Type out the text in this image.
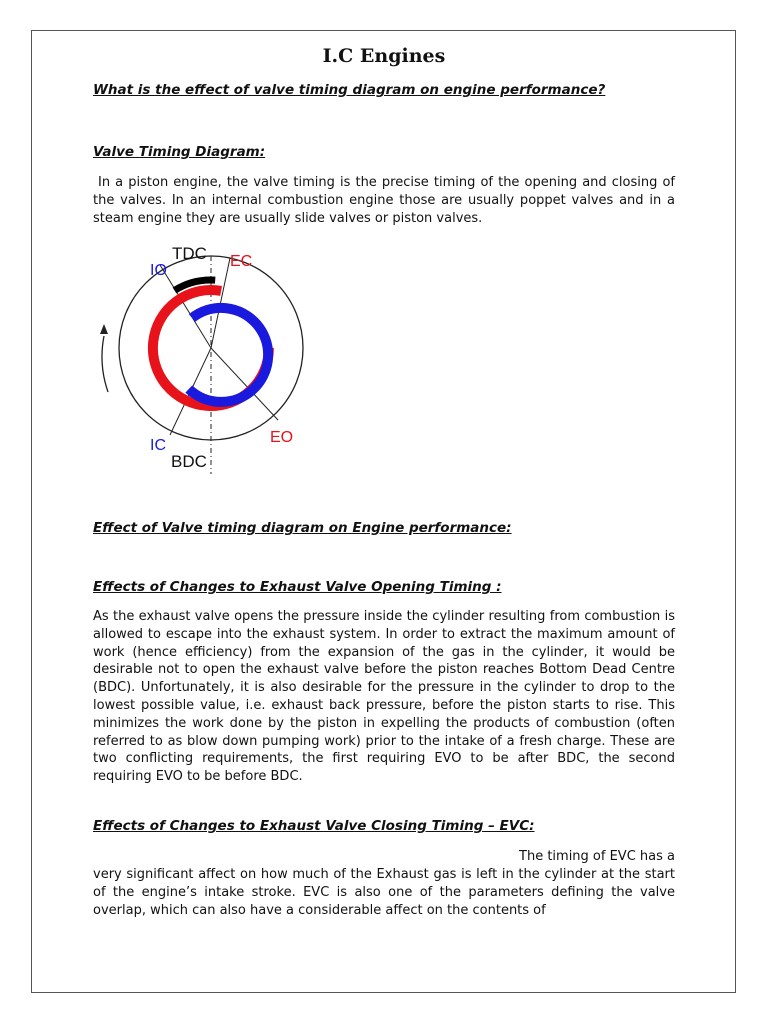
I.C Engines
What is the effect of valve timing diagram on engine performance?
Valve Timing Diagram:
In a piston engine, the valve timing is the precise timing of the opening and closing of the valves. In an internal combustion engine those are usually poppet valves and in a steam engine they are usually slide valves or piston valves.
TDC
IO
EC
IC	EO
BDC
Effect of Valve timing diagram on Engine performance:
Effects of Changes to Exhaust Valve Opening Timing :
As the exhaust valve opens the pressure inside the cylinder resulting from combustion is allowed to escape into the exhaust system. In order to extract the maximum amount of work (hence efficiency) from the expansion of the gas in the cylinder, it would be desirable not to open the exhaust valve before the piston reaches Bottom Dead Centre (BDC). Unfortunately, it is also desirable for the pressure in the cylinder to drop to the lowest possible value, i.e. exhaust back pressure, before the piston starts to rise. This minimizes the work done by the piston in expelling the products of combustion (often referred to as blow down pumping work) prior to the intake of a fresh charge. These are two conflicting requirements, the first requiring EVO to be after BDC, the second requiring EVO to be before BDC.
Effects of Changes to Exhaust Valve Closing Timing – EVC:
The timing of EVC has a
very significant affect on how much of the Exhaust gas is left in the cylinder at the start of the engine’s intake stroke. EVC is also one of the parameters defining the valve overlap, which can also have a considerable affect on the contents of
